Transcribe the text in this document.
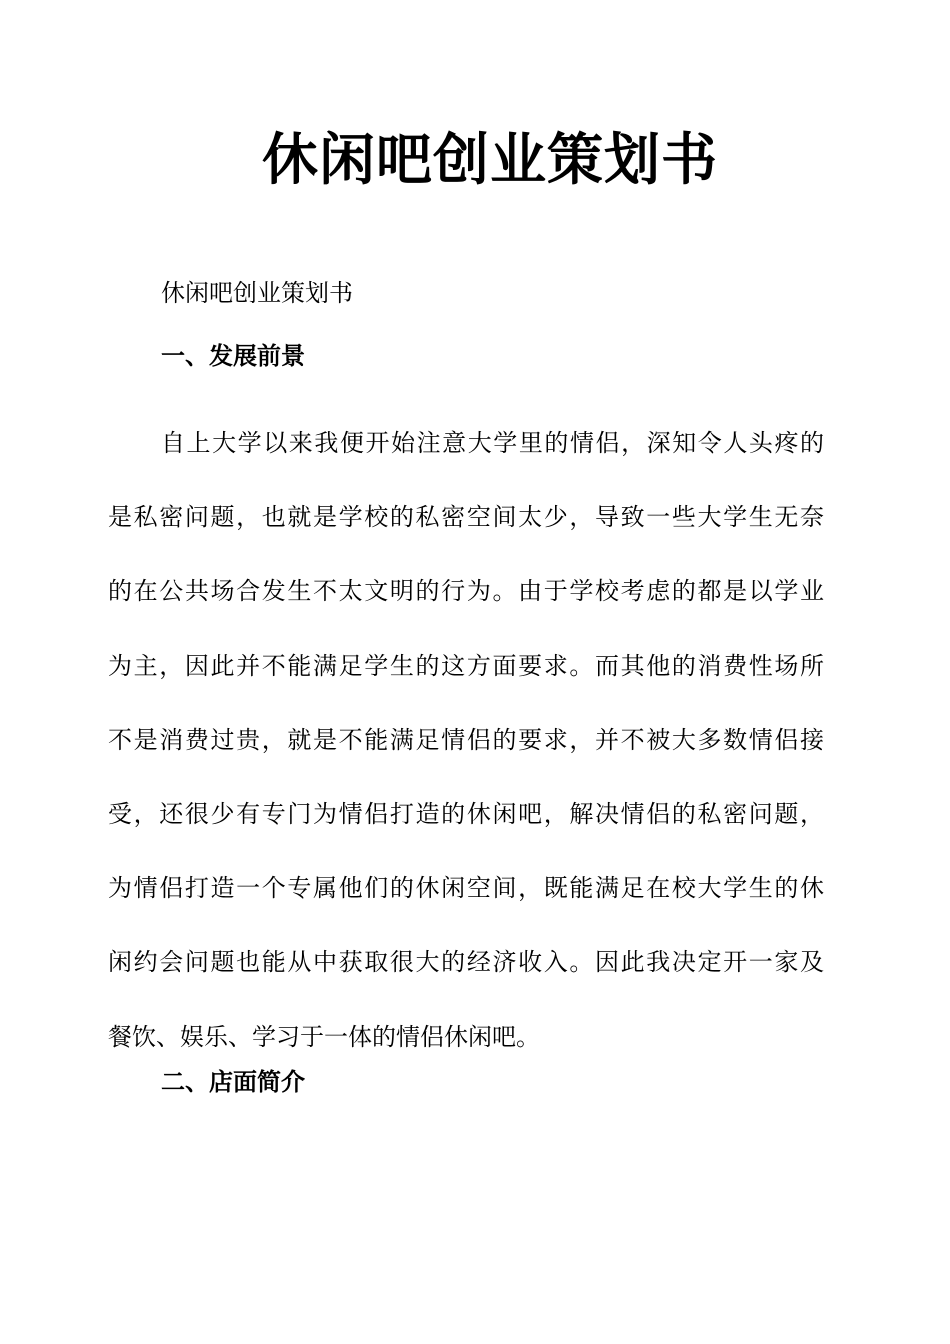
休闲吧创业策划书

休闲吧创业策划书

一、发展前景
自上大学以来我便开始注意大学里的情侣，深知令人头疼的
是私密问题，也就是学校的私密空间太少，导致一些大学生无奈
的在公共场合发生不太文明的行为。由于学校考虑的都是以学业
为主，因此并不能满足学生的这方面要求。而其他的消费性场所
不是消费过贵，就是不能满足情侣的要求，并不被大多数情侣接
受，还很少有专门为情侣打造的休闲吧，解决情侣的私密问题，
为情侣打造一个专属他们的休闲空间，既能满足在校大学生的休
闲约会问题也能从中获取很大的经济收入。因此我决定开一家及
餐饮、娱乐、学习于一体的情侣休闲吧。
二、店面简介
